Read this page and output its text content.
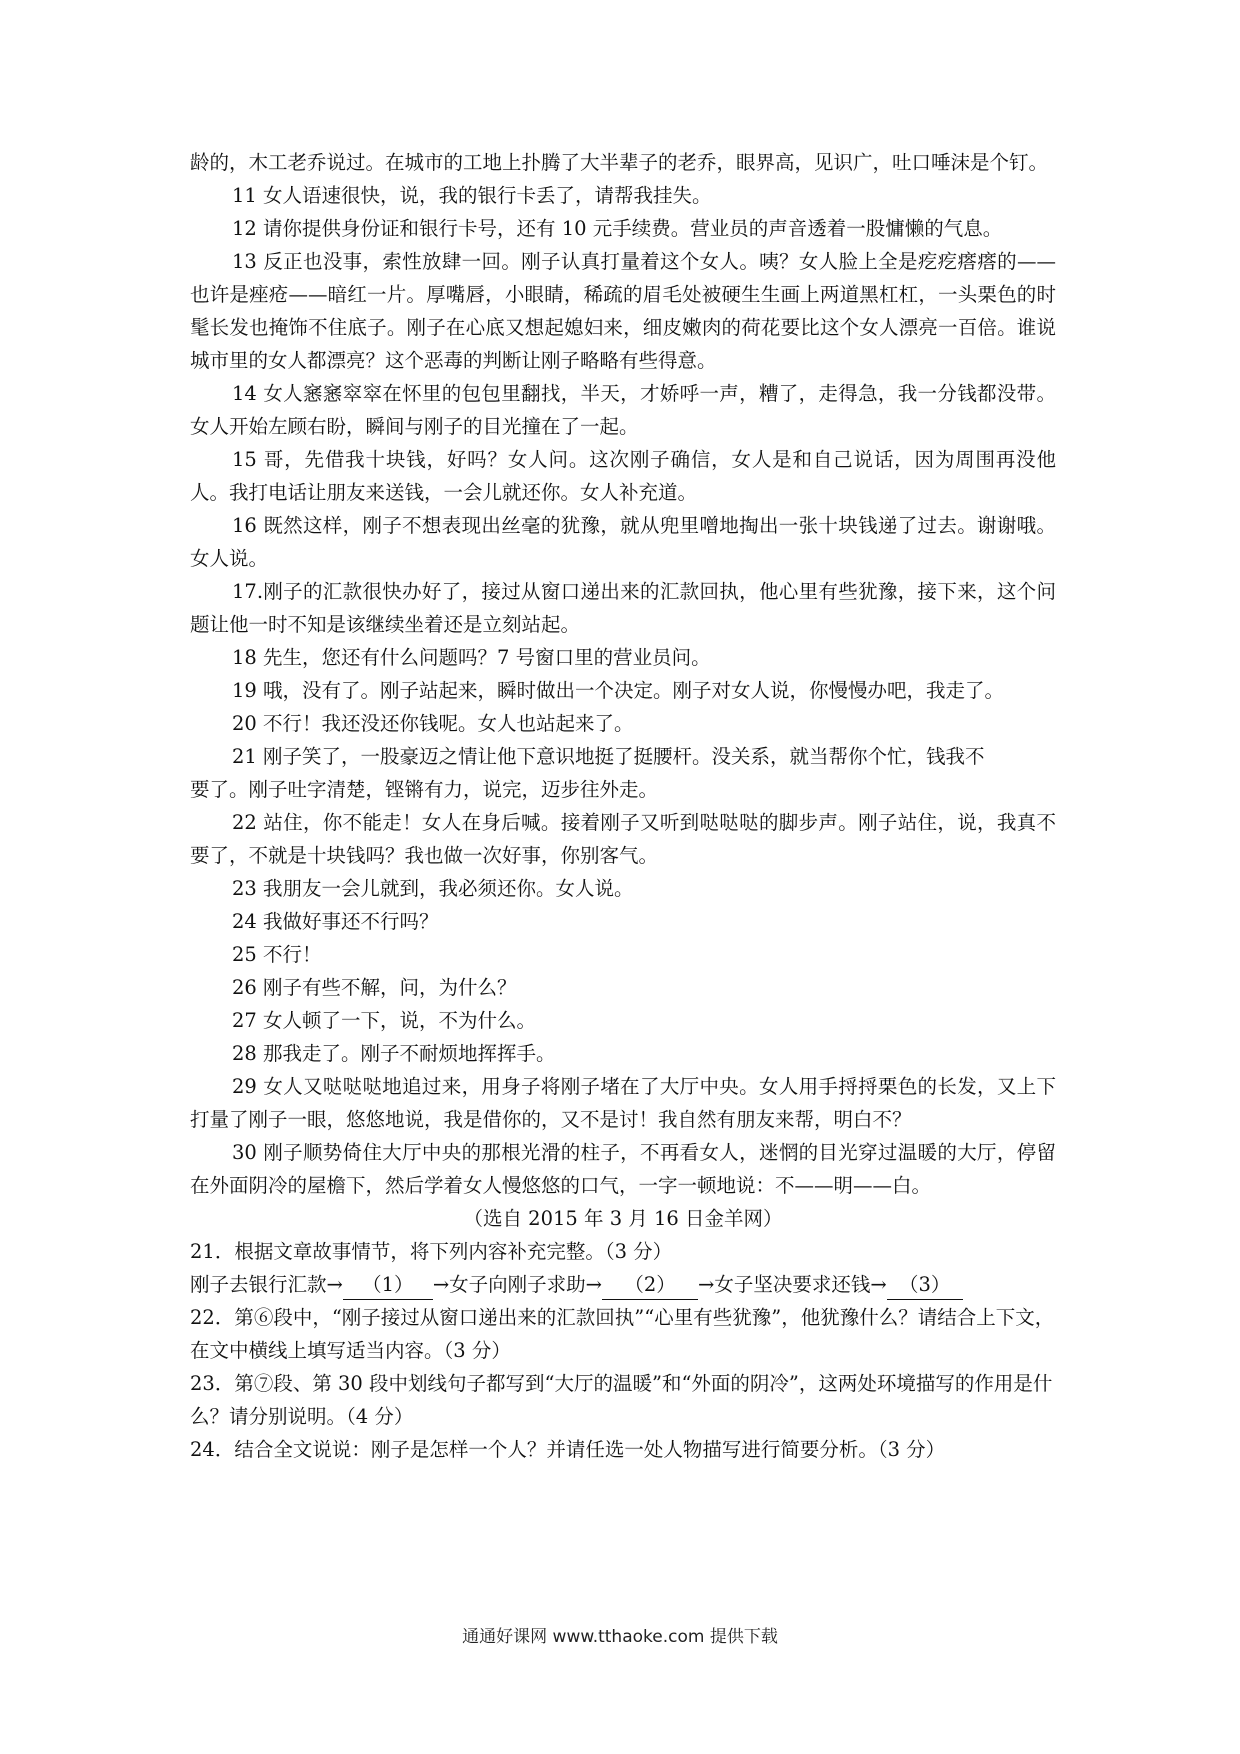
龄的，木工老乔说过。在城市的工地上扑腾了大半辈子的老乔，眼界高，见识广，吐口唾沫是个钉。

11 女人语速很快，说，我的银行卡丢了，请帮我挂失。

12 请你提供身份证和银行卡号，还有 10 元手续费。营业员的声音透着一股慵懒的气息。

13 反正也没事，索性放肆一回。刚子认真打量着这个女人。咦？女人脸上全是疙疙瘩瘩的——也许是痤疮——暗红一片。厚嘴唇，小眼睛，稀疏的眉毛处被硬生生画上两道黑杠杠，一头栗色的时髦长发也掩饰不住底子。刚子在心底又想起媳妇来，细皮嫩肉的荷花要比这个女人漂亮一百倍。谁说城市里的女人都漂亮？这个恶毒的判断让刚子略略有些得意。

14 女人窸窸窣窣在怀里的包包里翻找，半天，才娇呼一声，糟了，走得急，我一分钱都没带。女人开始左顾右盼，瞬间与刚子的目光撞在了一起。

15 哥，先借我十块钱，好吗？女人问。这次刚子确信，女人是和自己说话，因为周围再没他人。我打电话让朋友来送钱，一会儿就还你。女人补充道。

16 既然这样，刚子不想表现出丝毫的犹豫，就从兜里噌地掏出一张十块钱递了过去。谢谢哦。女人说。

17.刚子的汇款很快办好了，接过从窗口递出来的汇款回执，他心里有些犹豫，接下来，这个问题让他一时不知是该继续坐着还是立刻站起。

18 先生，您还有什么问题吗？7 号窗口里的营业员问。

19 哦，没有了。刚子站起来，瞬时做出一个决定。刚子对女人说，你慢慢办吧，我走了。

20 不行！我还没还你钱呢。女人也站起来了。

21 刚子笑了，一股豪迈之情让他下意识地挺了挺腰杆。没关系，就当帮你个忙，钱我不

要了。刚子吐字清楚，铿锵有力，说完，迈步往外走。

22 站住，你不能走！女人在身后喊。接着刚子又听到哒哒哒的脚步声。刚子站住，说，我真不要了，不就是十块钱吗？我也做一次好事，你别客气。

23 我朋友一会儿就到，我必须还你。女人说。

24 我做好事还不行吗？

25 不行！

26 刚子有些不解，问，为什么？

27 女人顿了一下，说，不为什么。

28 那我走了。刚子不耐烦地挥挥手。

29 女人又哒哒哒地追过来，用身子将刚子堵在了大厅中央。女人用手捋捋栗色的长发，又上下打量了刚子一眼，悠悠地说，我是借你的，又不是讨！我自然有朋友来帮，明白不？

30 刚子顺势倚住大厅中央的那根光滑的柱子，不再看女人，迷惘的目光穿过温暖的大厅，停留在外面阴冷的屋檐下，然后学着女人慢悠悠的口气，一字一顿地说：不——明——白。

（选自 2015 年 3 月 16 日金羊网）

21．根据文章故事情节，将下列内容补充完整。（3 分）

刚子去银行汇款→ （1） →女子向刚子求助→ （2） →女子坚决要求还钱→ （3）

22．第⑥段中，“刚子接过从窗口递出来的汇款回执”“心里有些犹豫”，他犹豫什么？请结合上下文，在文中横线上填写适当内容。（3 分）

23．第⑦段、第 30 段中划线句子都写到“大厅的温暖”和“外面的阴冷”，这两处环境描写的作用是什么？请分别说明。（4 分）

24．结合全文说说：刚子是怎样一个人？并请任选一处人物描写进行简要分析。（3 分）

通通好课网 www.tthaoke.com 提供下载
